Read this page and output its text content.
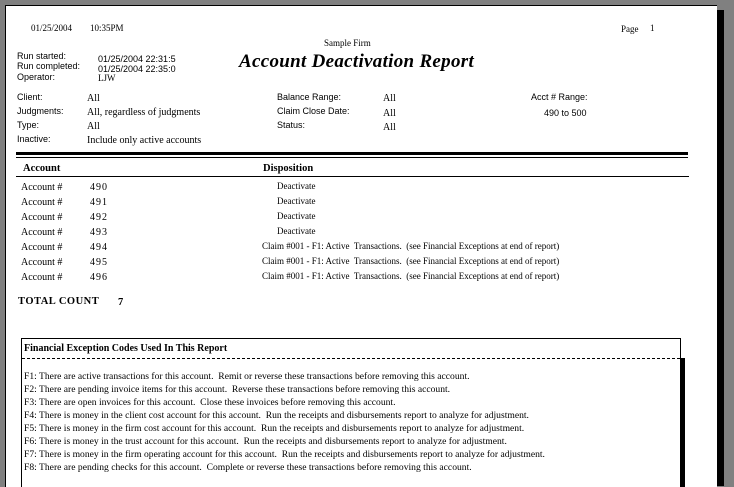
01/25/2004 10:35PM	Page 1
Sample Firm
Account Deactivation Report
Run started:	01/25/2004 22:31:5
Run completed: 01/25/2004 22:35:0
Operator:	LJW
Client:	All
Judgments: All, regardless of judgments
Type:	All
Inactive:	Include only active accounts
Balance Range:	All
Claim Close Date:	All
Status:	All
Acct # Range:
490 to 500
Account	Disposition
Account #	490	Deactivate
Account #	491	Deactivate
Account #	492	Deactivate
Account #	493	Deactivate
Account #	494	Claim #001 - F1: Active  Transactions.  (see Financial Exceptions at end of report)
Account #	495	Claim #001 - F1: Active  Transactions.  (see Financial Exceptions at end of report)
Account #	496	Claim #001 - F1: Active  Transactions.  (see Financial Exceptions at end of report)
TOTAL COUNT 7
Financial Exception Codes Used In This Report
F1: There are active transactions for this account.  Remit or reverse these transactions before removing this account.
F2: There are pending invoice items for this account.  Reverse these transactions before removing this account.
F3: There are open invoices for this account.  Close these invoices before removing this account.
F4: There is money in the client cost account for this account.  Run the receipts and disbursements report to analyze for adjustment.
F5: There is money in the firm cost account for this account.  Run the receipts and disbursements report to analyze for adjustment.
F6: There is money in the trust account for this account.  Run the receipts and disbursements report to analyze for adjustment.
F7: There is money in the firm operating account for this account.  Run the receipts and disbursements report to analyze for adjustment.
F8: There are pending checks for this account.  Complete or reverse these transactions before removing this account.
